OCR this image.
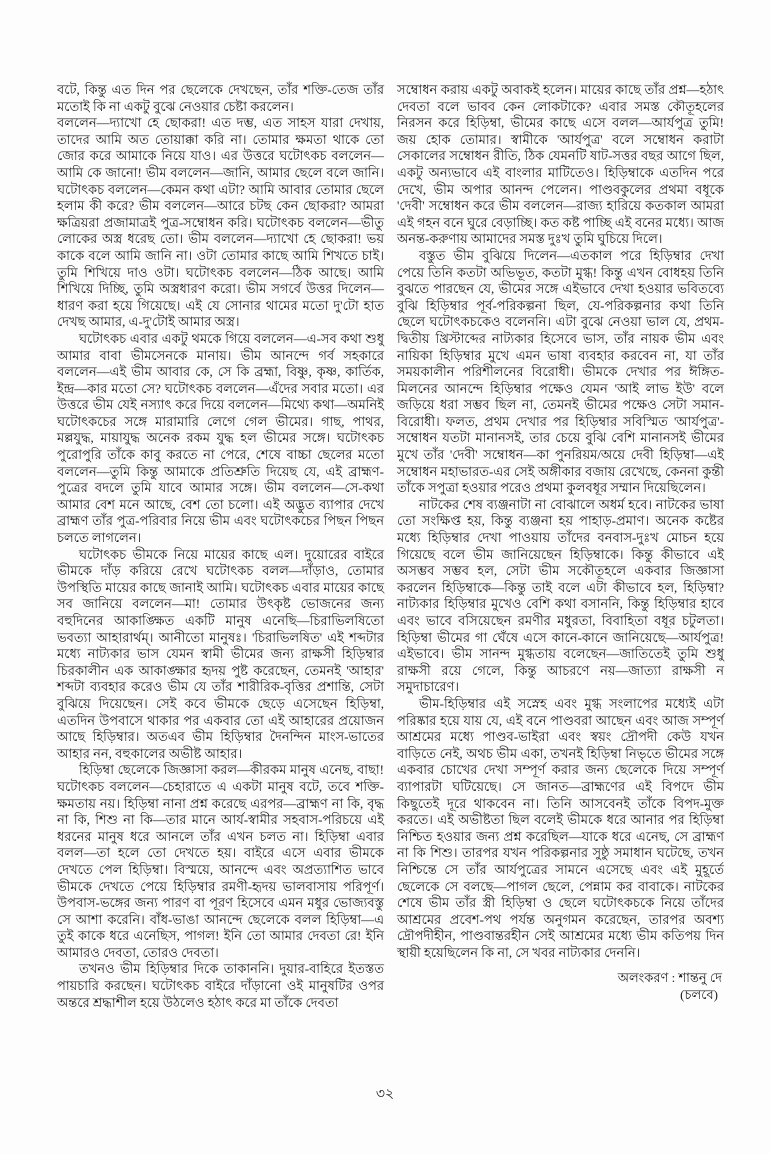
বটে, কিন্তু এত দিন পর ছেলেকে দেখছেন, তাঁর শক্তি-তেজ তাঁর মতোই কি না একটু বুঝে নেওয়ার চেষ্টা করলেন।

বললেন—দ্যাখো হে ছোকরা! এত দম্ভ, এত সাহস যারা দেখায়, তাদের আমি অত তোয়াক্কা করি না। তোমার ক্ষমতা থাকে তো জোর করে আমাকে নিয়ে যাও। এর উত্তরে ঘটোৎকচ বললেন—আমি কে জানো! ভীম বললেন—জানি, আমার ছেলে বলে জানি। ঘটোৎকচ বললেন—কেমন কথা এটা? আমি আবার তোমার ছেলে হলাম কী করে? ভীম বললেন—আরে চটছ কেন ছোকরা? আমরা ক্ষত্রিয়রা প্রজামাত্রই পুত্র-সম্বোধন করি। ঘটোৎকচ বললেন—ভীতু লোকের অস্ত্র ধরেছ তো। ভীম বললেন—দ্যাখো হে ছোকরা! ভয় কাকে বলে আমি জানি না। ওটা তোমার কাছে আমি শিখতে চাই। তুমি শিখিয়ে দাও ওটা। ঘটোৎকচ বললেন—ঠিক আছে। আমি শিখিয়ে দিচ্ছি, তুমি অস্ত্রধারণ করো। ভীম সগর্বে উত্তর দিলেন—ধারণ করা হয়ে গিয়েছে। এই যে সোনার থামের মতো দু'টো হাত দেখছ আমার, এ-দু'টোই আমার অস্ত্র।

ঘটোৎকচ এবার একটু থমকে গিয়ে বললেন—এ-সব কথা শুধু আমার বাবা ভীমসেনকে মানায়। ভীম আনন্দে গর্ব সহকারে বললেন—এই ভীম আবার কে, সে কি ব্রহ্মা, বিষ্ণু, কৃষ্ণ, কার্তিক, ইন্দ্র—কার মতো সে? ঘটোৎকচ বললেন—এঁদের সবার মতো। এর উত্তরে ভীম যেই নস্যাৎ করে দিয়ে বললেন—মিথ্যে কথা—অমনিই ঘটোৎকচের সঙ্গে মারামারি লেগে গেল ভীমের। গাছ, পাথর, মল্লযুদ্ধ, মায়াযুদ্ধ অনেক রকম যুদ্ধ হল ভীমের সঙ্গে। ঘটোৎকচ পুরোপুরি তাঁকে কাবু করতে না পেরে, শেষে বাচ্চা ছেলের মতো বললেন—তুমি কিন্তু আমাকে প্রতিশ্রুতি দিয়েছ যে, এই ব্রাহ্মণ-পুত্রের বদলে তুমি যাবে আমার সঙ্গে। ভীম বললেন—সে-কথা আমার বেশ মনে আছে, বেশ তো চলো। এই অদ্ভুত ব্যাপার দেখে ব্রাহ্মণ তাঁর পুত্র-পরিবার নিয়ে ভীম এবং ঘটোৎকচের পিছন পিছন চলতে লাগলেন।

ঘটোৎকচ ভীমকে নিয়ে মায়ের কাছে এল। দুয়োরের বাইরে ভীমকে দাঁড় করিয়ে রেখে ঘটোৎকচ বলল—দাঁড়াও, তোমার উপস্থিতি মায়ের কাছে জানাই আমি। ঘটোৎকচ এবার মায়ের কাছে সব জানিয়ে বললেন—মা! তোমার উৎকৃষ্ট ভোজনের জন্য বহুদিনের আকাঙ্ক্ষিত একটি মানুষ এনেছি—চিরাভিলষিতো ভবত্যা আহারার্থম্‌। আনীতো মানুষঃ। 'চিরাভিলষিত' এই শব্দটার মধ্যে নাট্যকার ভাস যেমন স্বামী ভীমের জন্য রাক্ষসী হিড়িম্বার চিরকালীন এক আকাঙ্ক্ষার হৃদয় পুষ্ট করেছেন, তেমনই 'আহার' শব্দটা ব্যবহার করেও ভীম যে তাঁর শারীরিক-বৃত্তির প্রশান্তি, সেটা বুঝিয়ে দিয়েছেন। সেই কবে ভীমকে ছেড়ে এসেছেন হিড়িম্বা, এতদিন উপবাসে থাকার পর একবার তো এই আহারের প্রয়োজন আছে হিড়িম্বার। অতএব ভীম হিড়িম্বার দৈনন্দিন মাংস-ভাতের আহার নন, বহুকালের অভীষ্ট আহার।

হিড়িম্বা ছেলেকে জিজ্ঞাসা করল—কীরকম মানুষ এনেছ, বাছা! ঘটোৎকচ বললেন—চেহারাতে এ একটা মানুষ বটে, তবে শক্তি-ক্ষমতায় নয়। হিড়িম্বা নানা প্রশ্ন করেছে এরপর—ব্রাহ্মণ না কি, বৃদ্ধ না কি, শিশু না কি—তার মানে আর্য-স্বামীর সহবাস-পরিচয়ে এই ধরনের মানুষ ধরে আনলে তাঁর এখন চলত না। হিড়িম্বা এবার বলল—তা হলে তো দেখতে হয়। বাইরে এসে এবার ভীমকে দেখতে পেল হিড়িম্বা। বিস্ময়ে, আনন্দে এবং অপ্রত্যাশিত ভাবে ভীমকে দেখতে পেয়ে হিড়িম্বার রমণী-হৃদয় ভালবাসায় পরিপূর্ণ। উপবাস-ভঙ্গের জন্য পারণ বা পূরণ হিসেবে এমন মধুর ভোজ্যবস্তু সে আশা করেনি। বাঁধ-ভাঙা আনন্দে ছেলেকে বলল হিড়িম্বা—এ তুই কাকে ধরে এনেছিস, পাগল! ইনি তো আমার দেবতা রে! ইনি আমারও দেবতা, তোরও দেবতা।

তখনও ভীম হিড়িম্বার দিকে তাকাননি। দুয়ার-বাহিরে ইতস্তত পায়চারি করছেন। ঘটোৎকচ বাইরে দাঁড়ানো ওই মানুষটির ওপর অন্তরে শ্রদ্ধাশীল হয়ে উঠলেও হঠাৎ করে মা তাঁকে দেবতা

সম্বোধন করায় একটু অবাকই হলেন। মায়ের কাছে তাঁর প্রশ্ন—হঠাৎ দেবতা বলে ভাবব কেন লোকটাকে? এবার সমস্ত কৌতূহলের নিরসন করে হিড়িম্বা, ভীমের কাছে এসে বলল—আর্যপুত্র তুমি! জয় হোক তোমার। স্বামীকে 'আর্যপুত্র' বলে সম্বোধন করাটা সেকালের সম্বোধন রীতি, ঠিক যেমনটি ষাট-সত্তর বছর আগে ছিল, একটু অন্যভাবে এই বাংলার মাটিতেও। হিড়িম্বাকে এতদিন পরে দেখে, ভীম অপার আনন্দ পেলেন। পাণ্ডবকুলের প্রথমা বধূকে 'দেবী' সম্বোধন করে ভীম বললেন—রাজ্য হারিয়ে কতকাল আমরা এই গহন বনে ঘুরে বেড়াচ্ছি। কত কষ্ট পাচ্ছি এই বনের মধ্যে। আজ অনন্ত-করুণায় আমাদের সমস্ত দুঃখ তুমি ঘুচিয়ে দিলে।

বস্তুত ভীম বুঝিয়ে দিলেন—এতকাল পরে হিড়িম্বার দেখা পেয়ে তিনি কতটা অভিভূত, কতটা মুগ্ধ! কিন্তু এখন বোধহয় তিনি বুঝতে পারছেন যে, ভীমের সঙ্গে এইভাবে দেখা হওয়ার ভবিতব্যে বুঝি হিড়িম্বার পূর্ব-পরিকল্পনা ছিল, যে-পরিকল্পনার কথা তিনি ছেলে ঘটোৎকচকেও বলেননি। এটা বুঝে নেওয়া ভাল যে, প্রথম-দ্বিতীয় খ্রিস্টাব্দের নাট্যকার হিসেবে ভাস, তাঁর নায়ক ভীম এবং নায়িকা হিড়িম্বার মুখে এমন ভাষা ব্যবহার করবেন না, যা তাঁর সময়কালীন পরিশীলনের বিরোধী। ভীমকে দেখার পর ঈঙ্গিত-মিলনের আনন্দে হিড়িম্বার পক্ষেও যেমন 'আই লাভ ইউ' বলে জড়িয়ে ধরা সম্ভব ছিল না, তেমনই ভীমের পক্ষেও সেটা সমান-বিরোধী। ফলত, প্রথম দেখার পর হিড়িম্বার সবিস্মিত 'আর্যপুত্র'-সম্বোধন যতটা মানানসই, তার চেয়ে বুঝি বেশি মানানসই ভীমের মুখে তাঁর 'দেবী' সম্বোধন—কা পুনরিয়ম/অয়ে দেবী হিড়িম্বা—এই সম্বোধন মহাভারত-এর সেই অঙ্গীকার বজায় রেখেছে, কেননা কুন্তী তাঁকে সপুত্রা হওয়ার পরেও প্রথমা কুলবধূর সম্মান দিয়েছিলেন।

নাটকের শেষ ব্যঞ্জনাটা না বোঝালে অধর্ম হবে। নাটকের ভাষা তো সংক্ষিপ্ত হয়, কিন্তু ব্যঞ্জনা হয় পাহাড়-প্রমাণ। অনেক কষ্টের মধ্যে হিড়িম্বার দেখা পাওয়ায় তাঁদের বনবাস-দুঃখ মোচন হয়ে গিয়েছে বলে ভীম জানিয়েছেন হিড়িম্বাকে। কিন্তু কীভাবে এই অসম্ভব সম্ভব হল, সেটা ভীম সকৌতূহলে একবার জিজ্ঞাসা করলেন হিড়িম্বাকে—কিন্তু তাই বলে এটা কীভাবে হল, হিড়িম্বা? নাট্যকার হিড়িম্বার মুখেও বেশি কথা বসাননি, কিন্তু হিড়িম্বার হাবে এবং ভাবে বসিয়েছেন রমণীর মধুরতা, বিবাহিতা বধূর চটুলতা। হিড়িম্বা ভীমের গা ঘেঁষে এসে কানে-কানে জানিয়েছে—আর্যপুত্র! এইভাবে। ভীম সানন্দ মুগ্ধতায় বলেছেন—জাতিতেই তুমি শুধু রাক্ষসী রয়ে গেলে, কিন্তু আচরণে নয়—জাত্যা রাক্ষসী ন সমুদাচারেণ।

ভীম-হিড়িম্বার এই সস্নেহ এবং মুগ্ধ সংলাপের মধ্যেই এটা পরিষ্কার হয়ে যায় যে, এই বনে পাণ্ডবরা আছেন এবং আজ সম্পূর্ণ আশ্রমের মধ্যে পাণ্ডব-ভাইরা এবং স্বয়ং দ্রৌপদী কেউ যখন বাড়িতে নেই, অথচ ভীম একা, তখনই হিড়িম্বা নিভৃতে ভীমের সঙ্গে একবার চোখের দেখা সম্পূর্ণ করার জন্য ছেলেকে দিয়ে সম্পূর্ণ ব্যাপারটা ঘটিয়েছে। সে জানত—ব্রাহ্মণের এই বিপদে ভীম কিছুতেই দূরে থাকবেন না। তিনি আসবেনই তাঁকে বিপদ-মুক্ত করতে। এই অভীষ্টতা ছিল বলেই ভীমকে ধরে আনার পর হিড়িম্বা নিশ্চিত হওয়ার জন্য প্রশ্ন করেছিল—যাকে ধরে এনেছ, সে ব্রাহ্মণ না কি শিশু। তারপর যখন পরিকল্পনার সুষ্ঠু সমাধান ঘটেছে, তখন নিশ্চিন্তে সে তাঁর আর্যপুত্রের সামনে এসেছে এবং এই মুহূর্তে ছেলেকে সে বলছে—পাগল ছেলে, পেন্নাম কর বাবাকে। নাটকের শেষে ভীম তাঁর স্ত্রী হিড়িম্বা ও ছেলে ঘটোৎকচকে নিয়ে তাঁদের আশ্রমের প্রবেশ-পথ পর্যন্ত অনুগমন করেছেন, তারপর অবশ্য দ্রৌপদীহীন, পাণ্ডবান্তরহীন সেই আশ্রমের মধ্যে ভীম কতিপয় দিন স্থায়ী হয়েছিলেন কি না, সে খবর নাট্যকার দেননি।

অলংকরণ : শান্তনু দে
(চলবে)
৩২
